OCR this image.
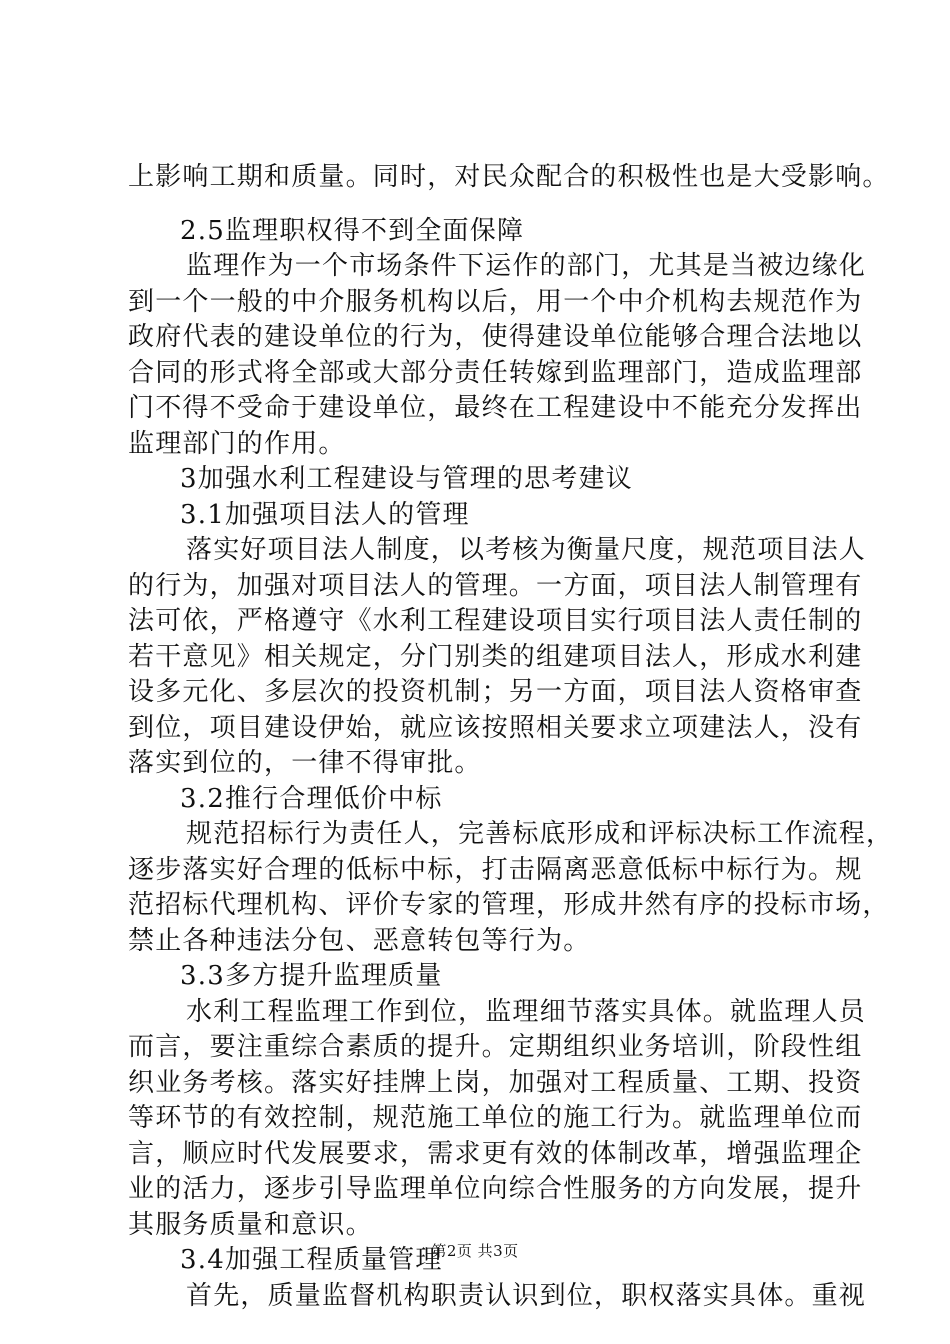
上影响工期和质量。同时，对民众配合的积极性也是大受影响。
2.5监理职权得不到全面保障
监理作为一个市场条件下运作的部门，尤其是当被边缘化
到一个一般的中介服务机构以后，用一个中介机构去规范作为
政府代表的建设单位的行为，使得建设单位能够合理合法地以
合同的形式将全部或大部分责任转嫁到监理部门，造成监理部
门不得不受命于建设单位，最终在工程建设中不能充分发挥出
监理部门的作用。
3加强水利工程建设与管理的思考建议
3.1加强项目法人的管理
落实好项目法人制度，以考核为衡量尺度，规范项目法人
的行为，加强对项目法人的管理。一方面，项目法人制管理有
法可依，严格遵守《水利工程建设项目实行项目法人责任制的
若干意见》相关规定，分门别类的组建项目法人，形成水利建
设多元化、多层次的投资机制；另一方面，项目法人资格审查
到位，项目建设伊始，就应该按照相关要求立项建法人，没有
落实到位的，一律不得审批。
3.2推行合理低价中标
规范招标行为责任人，完善标底形成和评标决标工作流程，
逐步落实好合理的低标中标，打击隔离恶意低标中标行为。规
范招标代理机构、评价专家的管理，形成井然有序的投标市场，
禁止各种违法分包、恶意转包等行为。
3.3多方提升监理质量
水利工程监理工作到位，监理细节落实具体。就监理人员
而言，要注重综合素质的提升。定期组织业务培训，阶段性组
织业务考核。落实好挂牌上岗，加强对工程质量、工期、投资
等环节的有效控制，规范施工单位的施工行为。就监理单位而
言，顺应时代发展要求，需求更有效的体制改革，增强监理企
业的活力，逐步引导监理单位向综合性服务的方向发展，提升
其服务质量和意识。
3.4加强工程质量管理
首先，质量监督机构职责认识到位，职权落实具体。重视
第2页 共3页
